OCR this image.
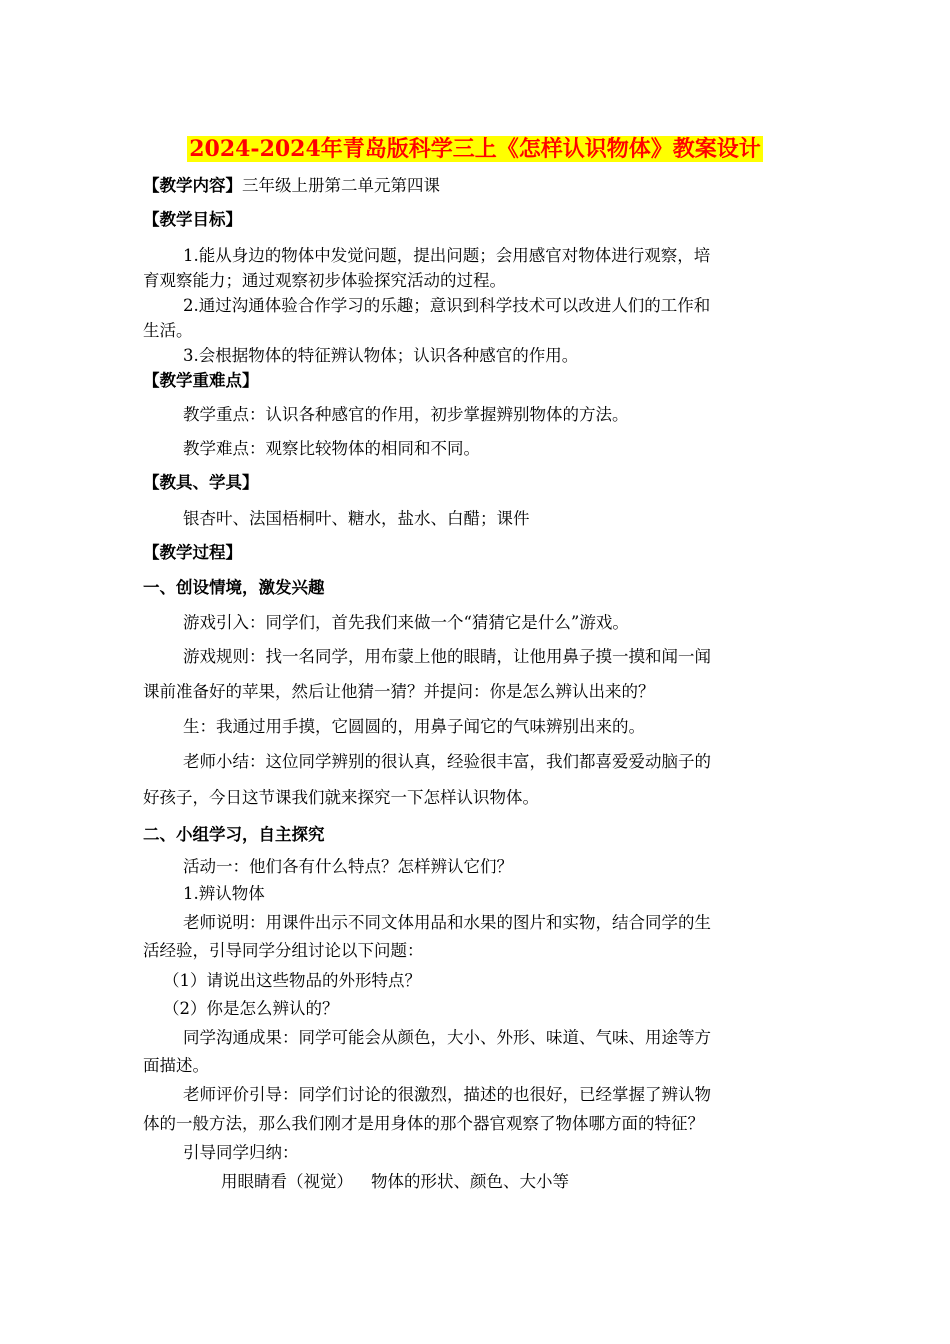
2024-2024年青岛版科学三上《怎样认识物体》教案设计
【教学内容】三年级上册第二单元第四课
【教学目标】
1.能从身边的物体中发觉问题，提出问题；会用感官对物体进行观察，培
育观察能力；通过观察初步体验探究活动的过程。
2.通过沟通体验合作学习的乐趣；意识到科学技术可以改进人们的工作和
生活。
3.会根据物体的特征辨认物体；认识各种感官的作用。
【教学重难点】
教学重点：认识各种感官的作用，初步掌握辨别物体的方法。
教学难点：观察比较物体的相同和不同。
【教具、学具】
银杏叶、法国梧桐叶、糖水，盐水、白醋；课件
【教学过程】
一、创设情境，激发兴趣
游戏引入：同学们，首先我们来做一个“猜猜它是什么”游戏。
游戏规则：找一名同学，用布蒙上他的眼睛，让他用鼻子摸一摸和闻一闻
课前准备好的苹果，然后让他猜一猜？并提问：你是怎么辨认出来的？
生：我通过用手摸，它圆圆的，用鼻子闻它的气味辨别出来的。
老师小结：这位同学辨别的很认真，经验很丰富，我们都喜爱爱动脑子的
好孩子，今日这节课我们就来探究一下怎样认识物体。
二、小组学习，自主探究
活动一：他们各有什么特点？怎样辨认它们？
1.辨认物体
老师说明：用课件出示不同文体用品和水果的图片和实物，结合同学的生
活经验，引导同学分组讨论以下问题：
（1）请说出这些物品的外形特点？
（2）你是怎么辨认的？
同学沟通成果：同学可能会从颜色，大小、外形、味道、气味、用途等方
面描述。
老师评价引导：同学们讨论的很激烈，描述的也很好，已经掌握了辨认物
体的一般方法，那么我们刚才是用身体的那个器官观察了物体哪方面的特征？
引导同学归纳：
用眼睛看（视觉） 物体的形状、颜色、大小等
